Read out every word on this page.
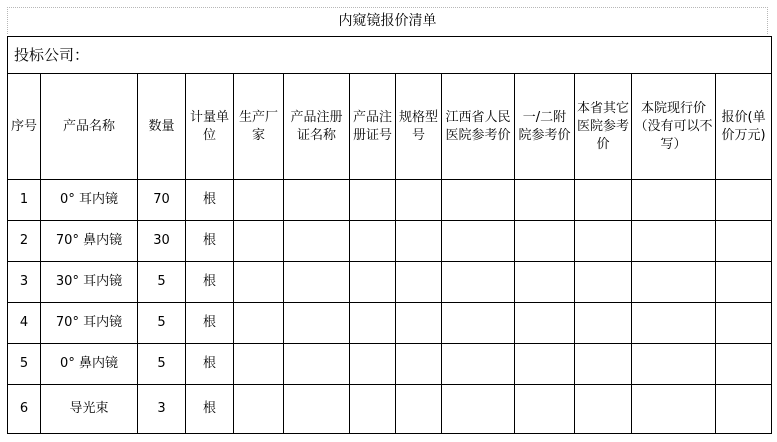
内窥镜报价清单
投标公司：												
序号	产品名称	数量	计量单位	生产厂家	产品注册证名称	产品注册证号	规格型号	江西省人民医院参考价	一/二附院参考价	本省其它医院参考价	本院现行价（没有可以不写）	报价(单价万元)
1	0° 耳内镜	70	根									
2	70° 鼻内镜	30	根									
3	30° 耳内镜	5	根									
4	70° 耳内镜	5	根									
5	0° 鼻内镜	5	根									
6	导光束	3	根									
